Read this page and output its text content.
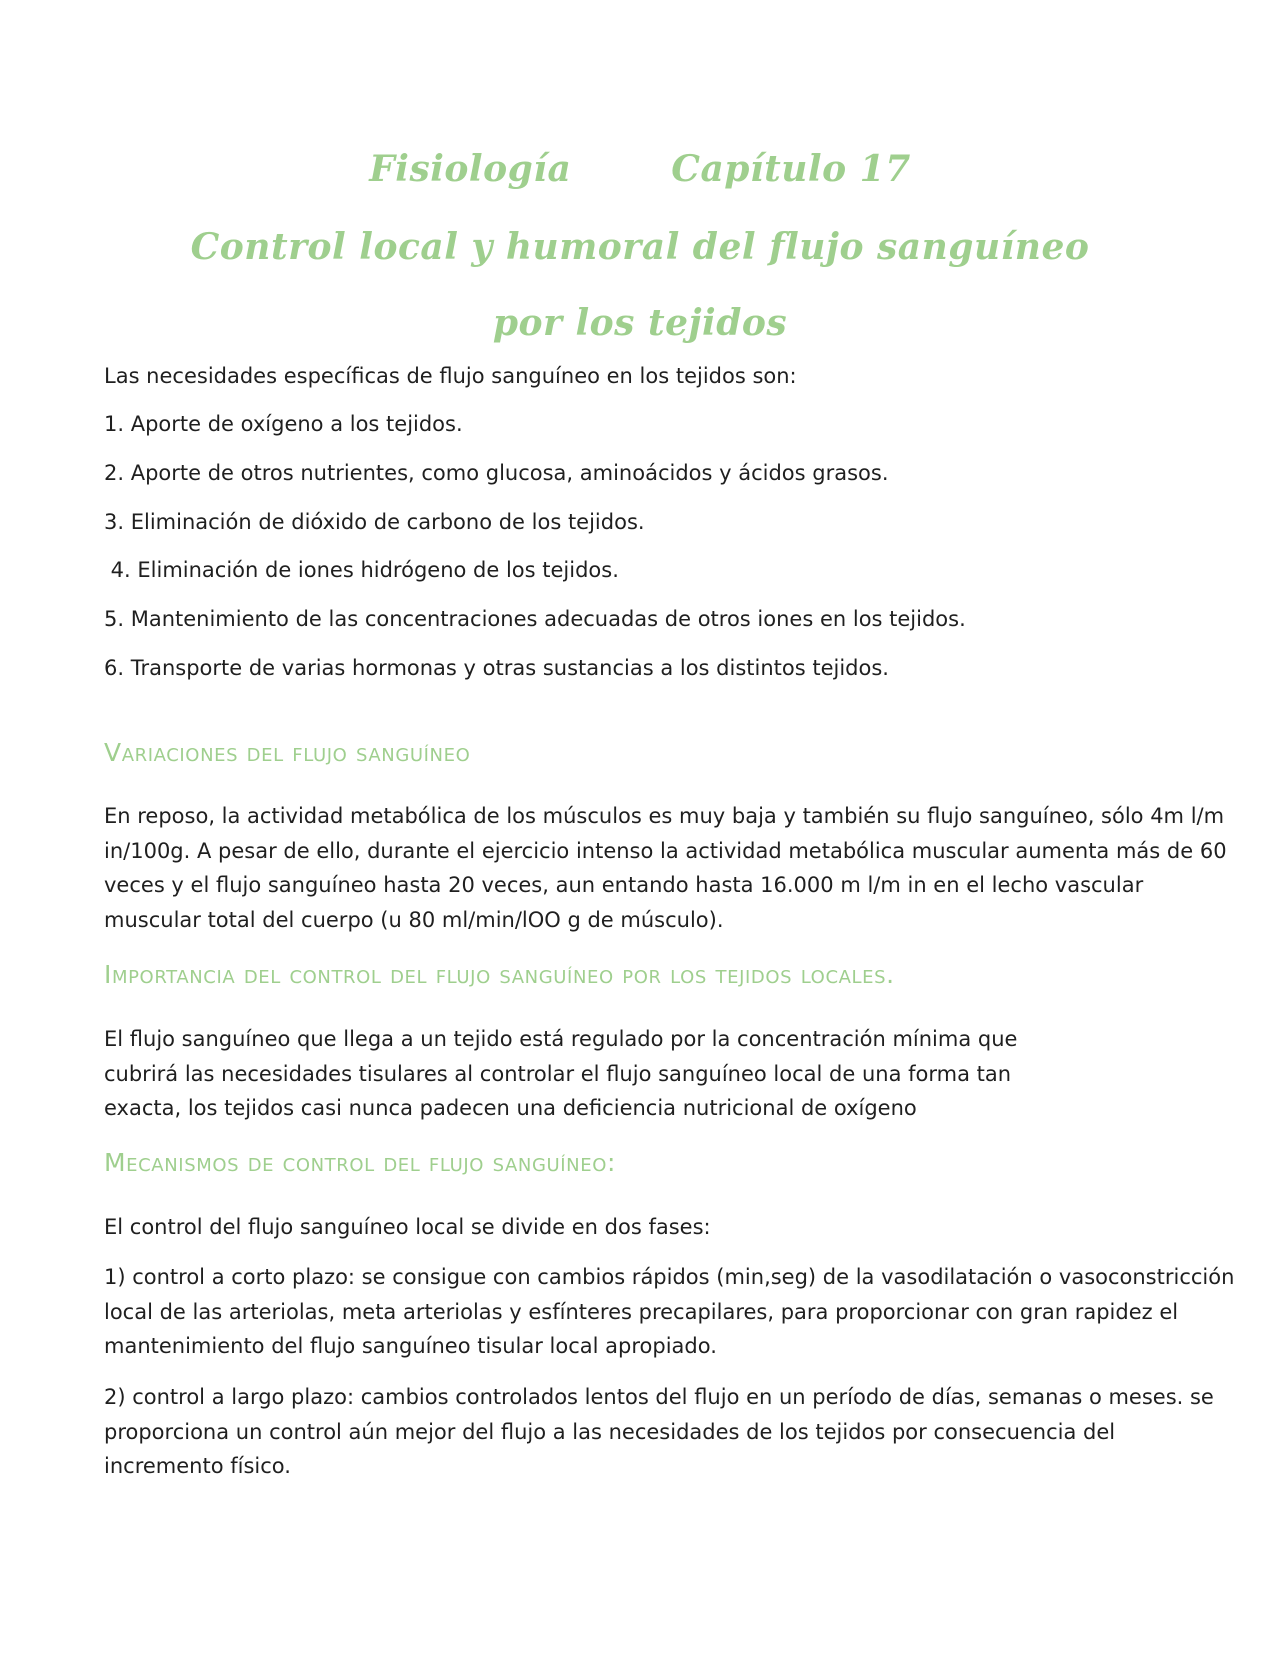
Fisiología	Capítulo 17
Control local y humoral del flujo sanguíneo
por los tejidos
Las necesidades específicas de flujo sanguíneo en los tejidos son:
1. Aporte de oxígeno a los tejidos.
2. Aporte de otros nutrientes, como glucosa, aminoácidos y ácidos grasos.
3. Eliminación de dióxido de carbono de los tejidos.
4. Eliminación de iones hidrógeno de los tejidos.
5. Mantenimiento de las concentraciones adecuadas de otros iones en los tejidos.
6. Transporte de varias hormonas y otras sustancias a los distintos tejidos.
Variaciones del flujo sanguíneo
En reposo, la actividad metabólica de los músculos es muy baja y también su flujo sanguíneo, sólo 4m l/m
in/100g. A pesar de ello, durante el ejercicio intenso la actividad metabólica muscular aumenta más de 60
veces y el flujo sanguíneo hasta 20 veces, aun entando hasta 16.000 m l/m in en el lecho vascular
muscular total del cuerpo (u 80 ml/min/lOO g de músculo).
Importancia del control del flujo sanguíneo por los tejidos locales.
El flujo sanguíneo que llega a un tejido está regulado por la concentración mínima que
cubrirá las necesidades tisulares al controlar el flujo sanguíneo local de una forma tan
exacta, los tejidos casi nunca padecen una deficiencia nutricional de oxígeno
Mecanismos de control del flujo sanguíneo:
El control del flujo sanguíneo local se divide en dos fases:
1) control a corto plazo: se consigue con cambios rápidos (min,seg) de la vasodilatación o vasoconstricción
local de las arteriolas, meta arteriolas y esfínteres precapilares, para proporcionar con gran rapidez el
mantenimiento del flujo sanguíneo tisular local apropiado.
2) control a largo plazo: cambios controlados lentos del flujo en un período de días, semanas o meses. se
proporciona un control aún mejor del flujo a las necesidades de los tejidos por consecuencia del
incremento físico.
